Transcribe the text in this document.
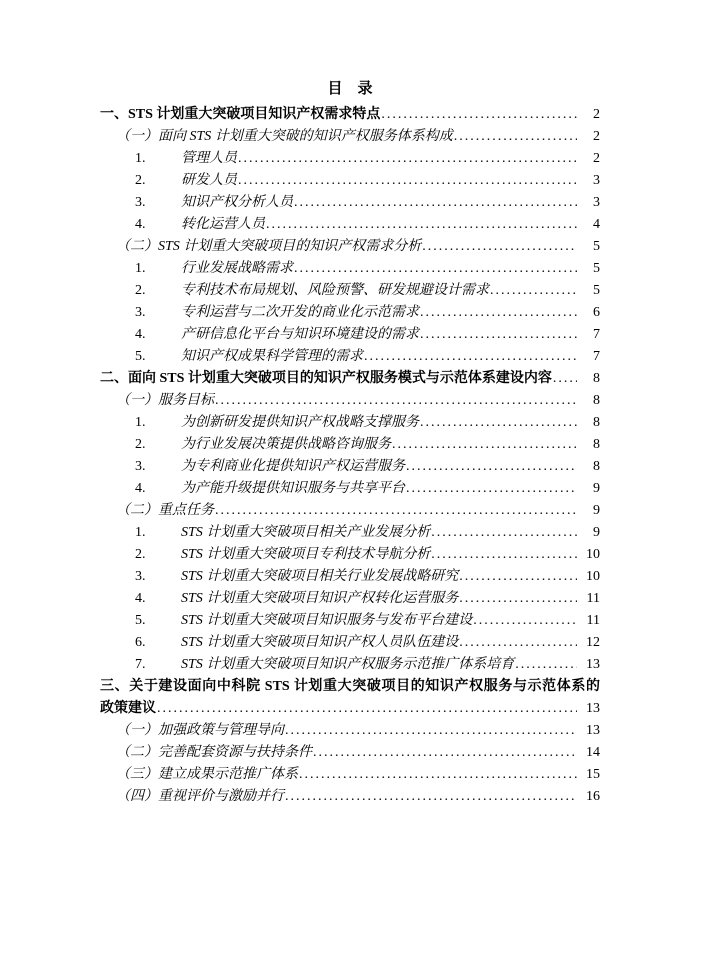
目　录
一、 STS 计划重大突破项目知识产权需求特点 .....	2
（一） 面向 STS 计划重大突破的知识产权服务体系构成 .....	2
1.	管理人员 .....	2
2.	研发人员 .....	3
3.	知识产权分析人员 .....	3
4.	转化运营人员 .....	4
（二） STS 计划重大突破项目的知识产权需求分析 .....	5
1.	行业发展战略需求 .....	5
2.	专利技术布局规划、风险预警、研发规避设计需求 .....	5
3.	专利运营与二次开发的商业化示范需求 .....	6
4.	产研信息化平台与知识环境建设的需求 .....	7
5.	知识产权成果科学管理的需求 .....	7
二、 面向 STS 计划重大突破项目的知识产权服务模式与示范体系建设内容 .....	8
（一） 服务目标 .....	8
1.	为创新研发提供知识产权战略支撑服务 .....	8
2.	为行业发展决策提供战略咨询服务 .....	8
3.	为专利商业化提供知识产权运营服务 .....	8
4.	为产能升级提供知识服务与共享平台 .....	9
（二） 重点任务 .....	9
1.	STS 计划重大突破项目相关产业发展分析 .....	9
2.	STS 计划重大突破项目专利技术导航分析 .....	10
3.	STS 计划重大突破项目相关行业发展战略研究 .....	10
4.	STS 计划重大突破项目知识产权转化运营服务 .....	11
5.	STS 计划重大突破项目知识服务与发布平台建设 .....	11
6.	STS 计划重大突破项目知识产权人员队伍建设 .....	12
7.	STS 计划重大突破项目知识产权服务示范推广体系培育 .....	13
三、关于建设面向中科院 STS 计划重大突破项目的知识产权服务与示范体系的
政策建议 .....	13
（一） 加强政策与管理导向 .....	13
（二） 完善配套资源与扶持条件 .....	14
（三） 建立成果示范推广体系 .....	15
（四） 重视评价与激励并行 .....	16
